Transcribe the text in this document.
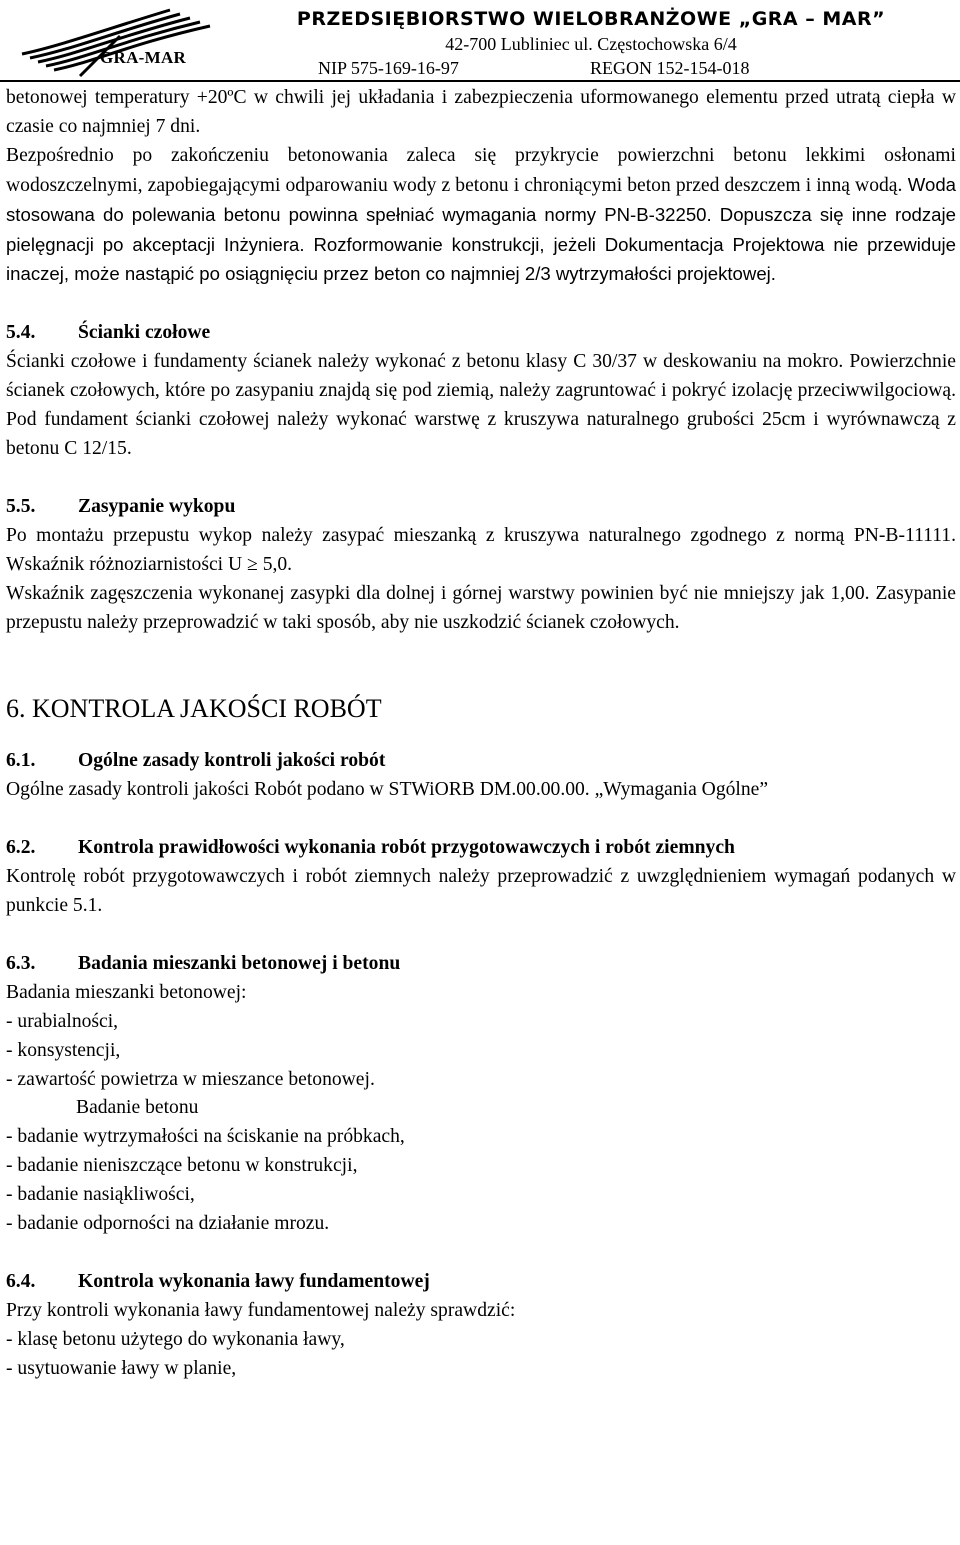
GRA-MAR
PRZEDSIĘBIORSTWO WIELOBRANŻOWE „GRA – MAR”
42-700 Lubliniec ul. Częstochowska 6/4
NIP 575-169-16-97	REGON 152-154-018

betonowej temperatury +20ºC w chwili jej układania i zabezpieczenia uformowanego elementu przed utratą ciepła w czasie co najmniej 7 dni.

Bezpośrednio po zakończeniu betonowania zaleca się przykrycie powierzchni betonu lekkimi osłonami wodoszczelnymi, zapobiegającymi odparowaniu wody z betonu i chroniącymi beton przed deszczem i inną wodą. Woda stosowana do polewania betonu powinna spełniać wymagania normy PN-B-32250. Dopuszcza się inne rodzaje pielęgnacji po akceptacji Inżyniera. Rozformowanie konstrukcji, jeżeli Dokumentacja Projektowa nie przewiduje inaczej, może nastąpić po osiągnięciu przez beton co najmniej 2/3 wytrzymałości projektowej.

5.4. Ścianki czołowe

Ścianki czołowe i fundamenty ścianek należy wykonać z betonu klasy C 30/37 w deskowaniu na mokro. Powierzchnie ścianek czołowych, które po zasypaniu znajdą się pod ziemią, należy zagruntować i pokryć izolację przeciwwilgociową. Pod fundament ścianki czołowej należy wykonać warstwę z kruszywa naturalnego grubości 25cm i wyrównawczą z betonu C 12/15.

5.5. Zasypanie wykopu

Po montażu przepustu wykop należy zasypać mieszanką z kruszywa naturalnego zgodnego z normą PN-B-11111. Wskaźnik różnoziarnistości U ≥ 5,0.

Wskaźnik zagęszczenia wykonanej zasypki dla dolnej i górnej warstwy powinien być nie mniejszy jak 1,00. Zasypanie przepustu należy przeprowadzić w taki sposób, aby nie uszkodzić ścianek czołowych.

6. KONTROLA JAKOŚCI ROBÓT
6.1. Ogólne zasady kontroli jakości robót

Ogólne zasady kontroli jakości Robót podano w STWiORB DM.00.00.00. „Wymagania Ogólne”

6.2. Kontrola prawidłowości wykonania robót przygotowawczych i robót ziemnych

Kontrolę robót przygotowawczych i robót ziemnych należy przeprowadzić z uwzględnieniem wymagań podanych w punkcie 5.1.

6.3. Badania mieszanki betonowej i betonu

Badania mieszanki betonowej:

- urabialności,

- konsystencji,

- zawartość powietrza w mieszance betonowej.

Badanie betonu

- badanie wytrzymałości na ściskanie na próbkach,

- badanie nieniszczące betonu w konstrukcji,

- badanie nasiąkliwości,

- badanie odporności na działanie mrozu.

6.4. Kontrola wykonania ławy fundamentowej

Przy kontroli wykonania ławy fundamentowej należy sprawdzić:

- klasę betonu użytego do wykonania ławy,

- usytuowanie ławy w planie,
